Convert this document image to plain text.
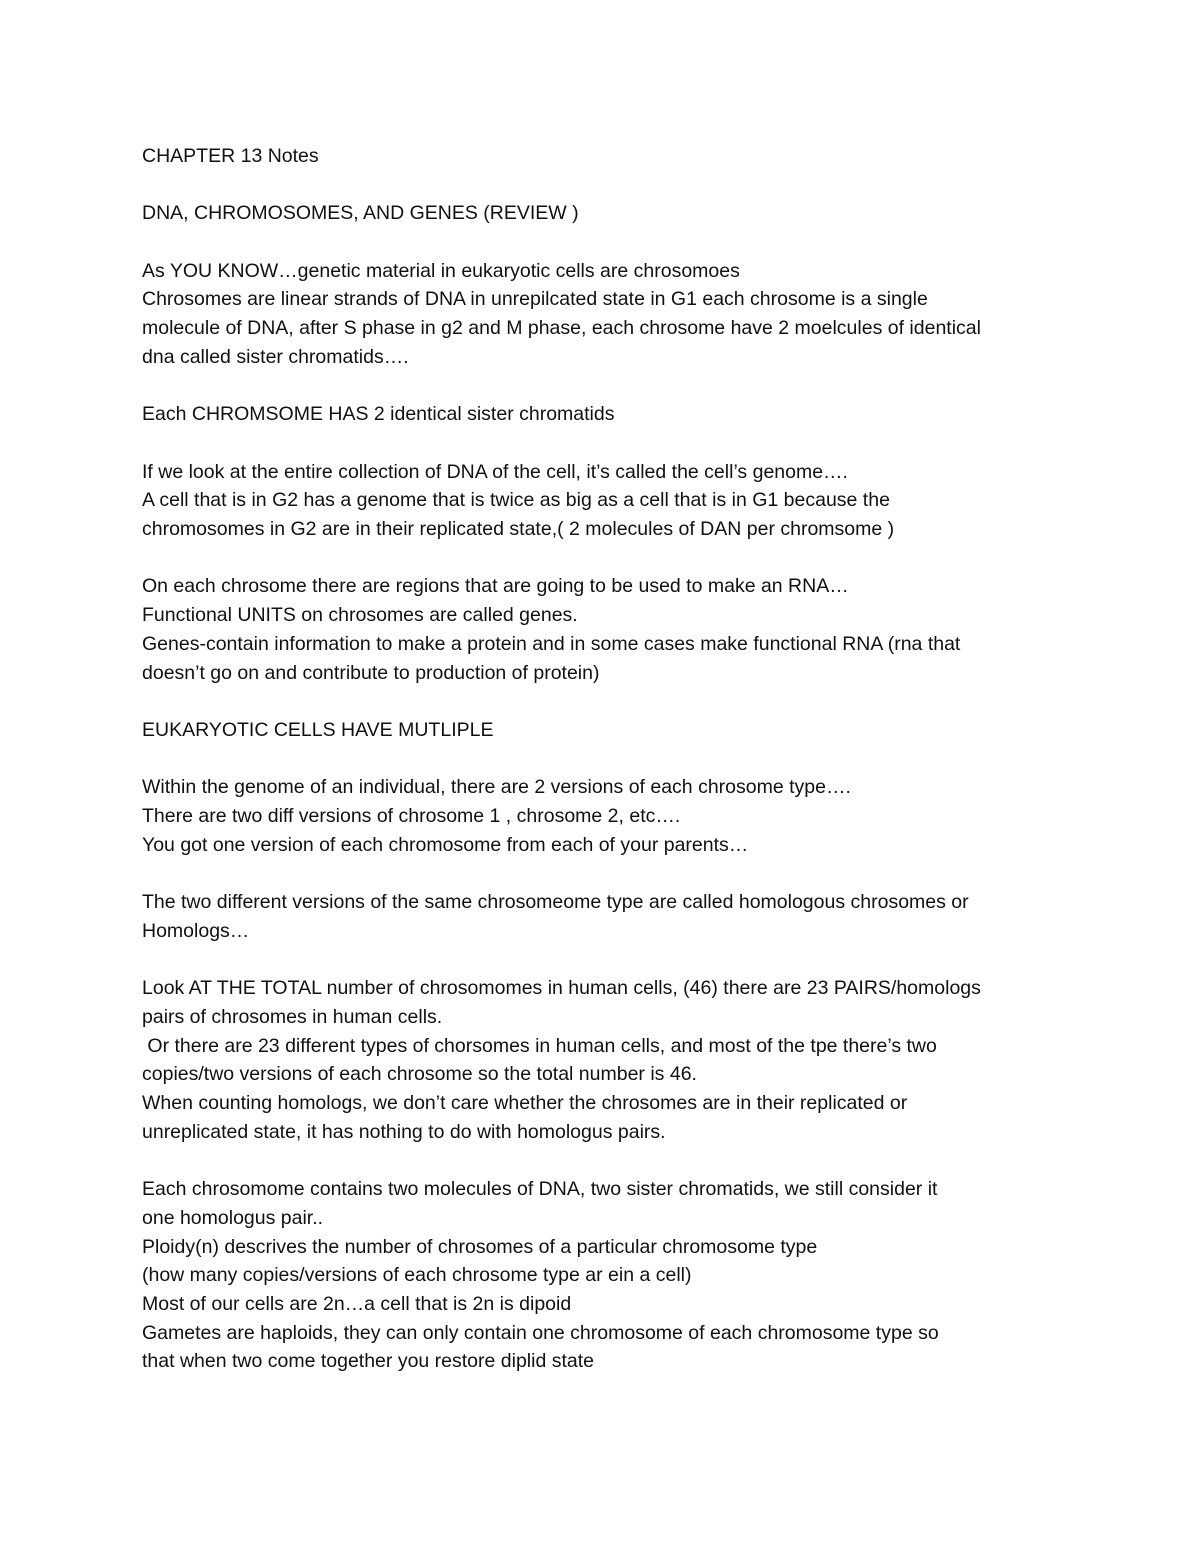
CHAPTER 13 Notes

DNA, CHROMOSOMES, AND GENES (REVIEW )

As YOU KNOW…genetic material in eukaryotic cells are chrosomoes
Chrosomes are linear strands of DNA in unrepilcated state in G1 each chrosome is a single
molecule of DNA, after S phase in g2 and M phase, each chrosome have 2 moelcules of identical
dna called sister chromatids….

Each CHROMSOME HAS 2 identical sister chromatids

If we look at the entire collection of DNA of the cell, it’s called the cell’s genome….
A cell that is in G2 has a genome that is twice as big as a cell that is in G1 because the
chromosomes in G2 are in their replicated state,( 2 molecules of DAN per chromsome )

On each chrosome there are regions that are going to be used to make an RNA…
Functional UNITS on chrosomes are called genes.
Genes-contain information to make a protein and in some cases make functional RNA (rna that
doesn’t go on and contribute to production of protein)

EUKARYOTIC CELLS HAVE MUTLIPLE

Within the genome of an individual, there are 2 versions of each chrosome type….
There are two diff versions of chrosome 1 , chrosome 2, etc….
You got one version of each chromosome from each of your parents…

The two different versions of the same chrosomeome type are called homologous chrosomes or
Homologs…

Look AT THE TOTAL number of chrosomomes in human cells, (46) there are 23 PAIRS/homologs
pairs of chrosomes in human cells.
Or there are 23 different types of chorsomes in human cells, and most of the tpe there’s two
copies/two versions of each chrosome so the total number is 46.
When counting homologs, we don’t care whether the chrosomes are in their replicated or
unreplicated state, it has nothing to do with homologus pairs.

Each chrosomome contains two molecules of DNA, two sister chromatids, we still consider it
one homologus pair..
Ploidy(n) descrives the number of chrosomes of a particular chromosome type
(how many copies/versions of each chrosome type ar ein a cell)
Most of our cells are 2n…a cell that is 2n is dipoid
Gametes are haploids, they can only contain one chromosome of each chromosome type so
that when two come together you restore diplid state
